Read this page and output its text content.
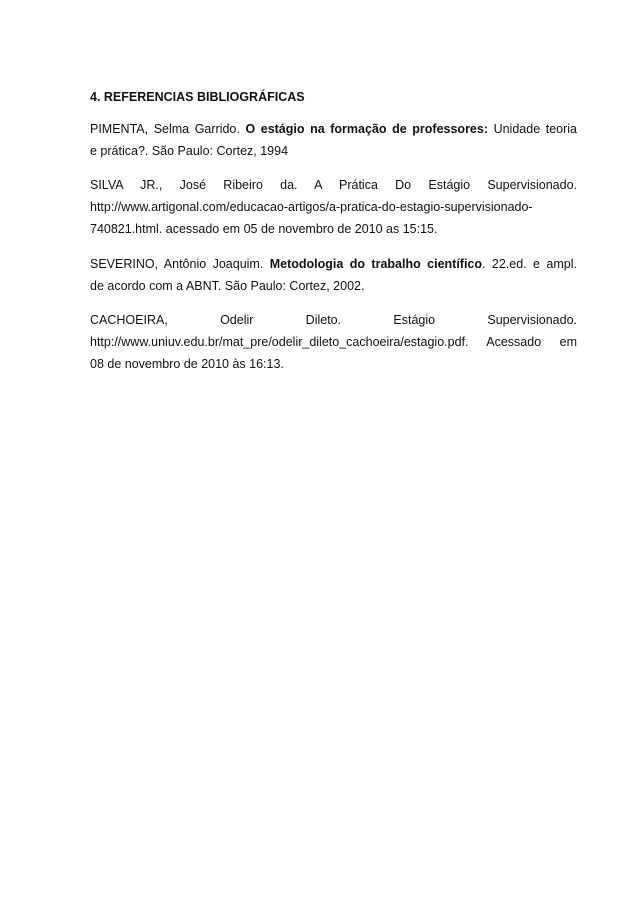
4. REFERENCIAS BIBLIOGRÁFICAS
PIMENTA, Selma Garrido. O estágio na formação de professores: Unidade teoria
e prática?. São Paulo: Cortez, 1994
SILVA JR., José Ribeiro da. A Prática Do Estágio Supervisionado.
http://www.artigonal.com/educacao-artigos/a-pratica-do-estagio-supervisionado-
740821.html. acessado em 05 de novembro de 2010 as 15:15.
SEVERINO, Antônio Joaquim. Metodologia do trabalho científico. 22.ed. e ampl.
de acordo com a ABNT. São Paulo: Cortez, 2002.
CACHOEIRA, Odelir Dileto. Estágio Supervisionado.
http://www.uniuv.edu.br/mat_pre/odelir_dileto_cachoeira/estagio.pdf. Acessado em
08 de novembro de 2010 às 16:13.
